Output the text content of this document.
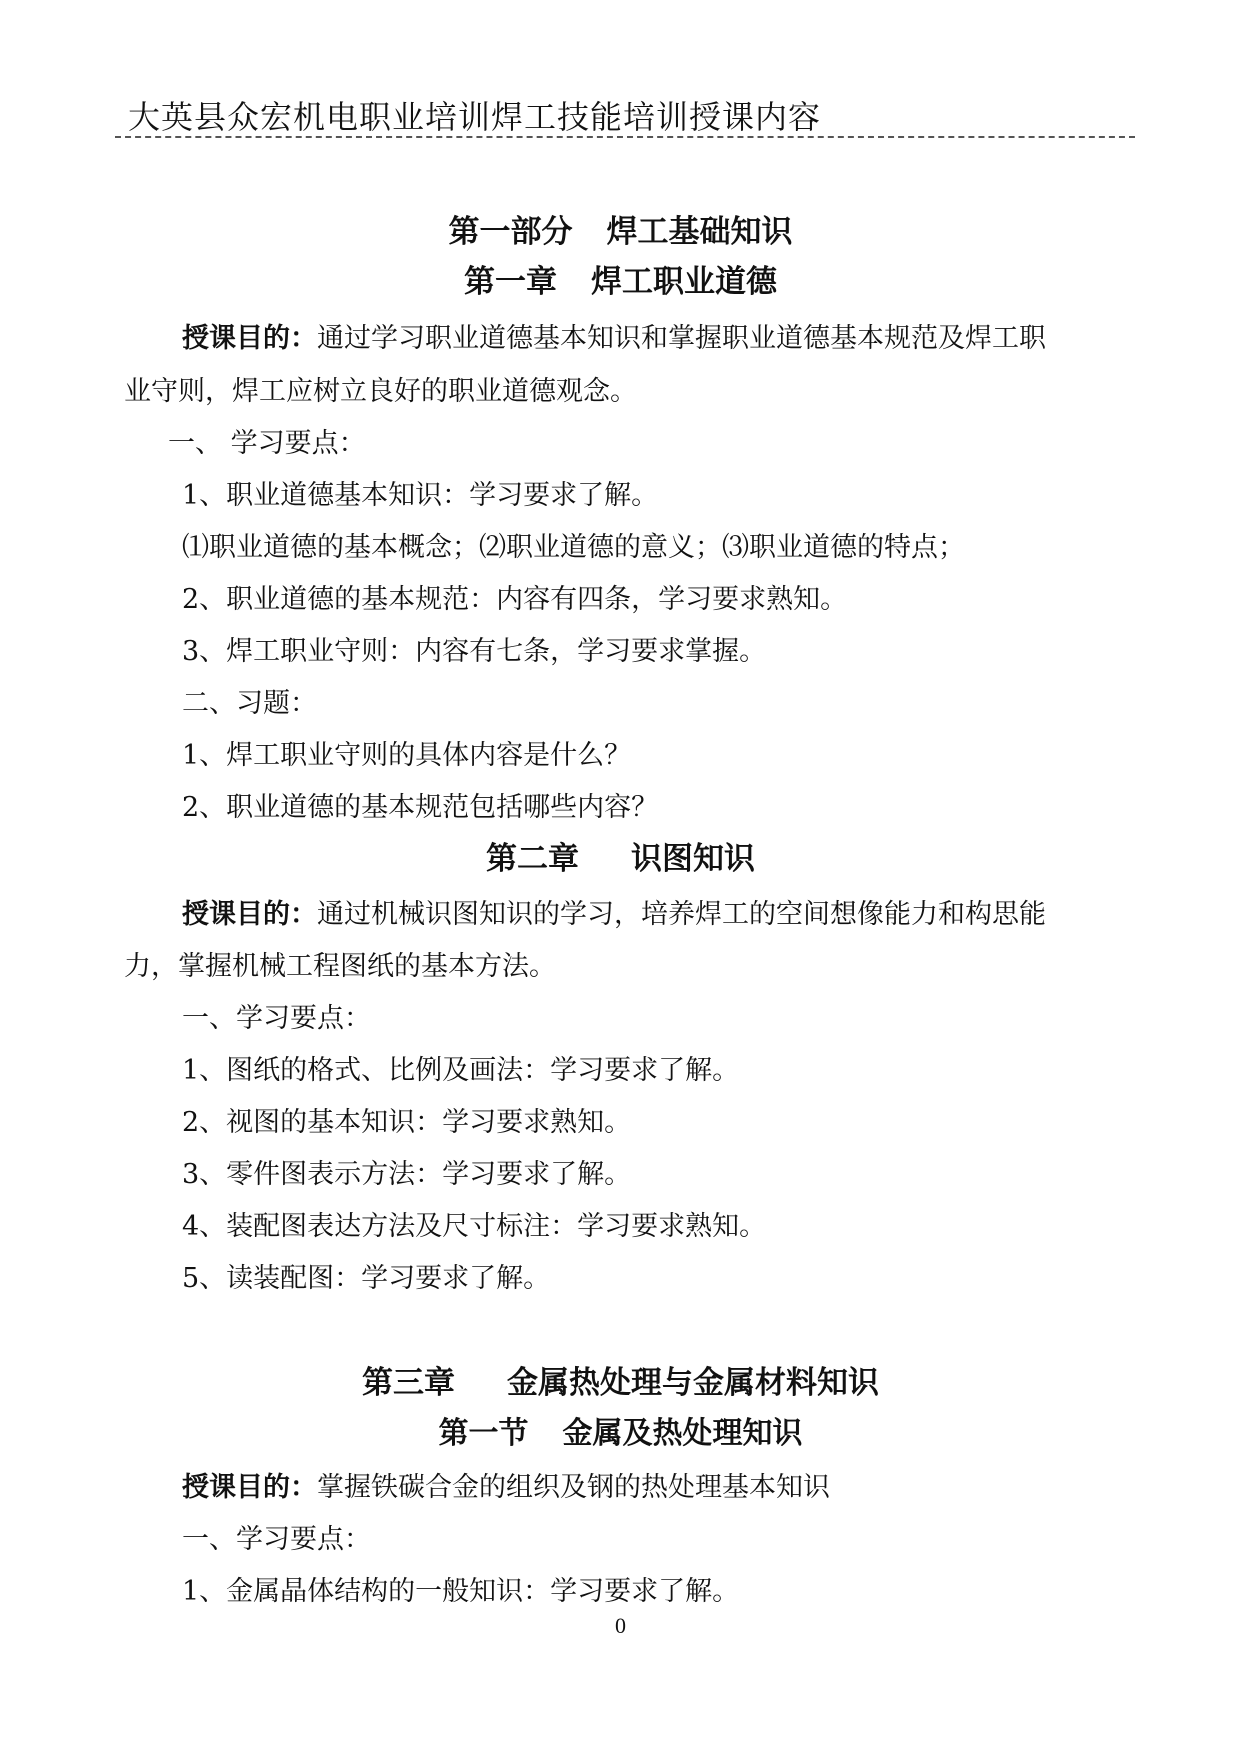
大英县众宏机电职业培训焊工技能培训授课内容
第一部分 焊工基础知识
第一章 焊工职业道德
授课目的：通过学习职业道德基本知识和掌握职业道德基本规范及焊工职
业守则，焊工应树立良好的职业道德观念。
一、 学习要点：
1、职业道德基本知识：学习要求了解。
⑴职业道德的基本概念；⑵职业道德的意义；⑶职业道德的特点；
2、职业道德的基本规范：内容有四条，学习要求熟知。
3、焊工职业守则：内容有七条，学习要求掌握。
二、习题：
1、焊工职业守则的具体内容是什么？
2、职业道德的基本规范包括哪些内容？
第二章 识图知识
授课目的：通过机械识图知识的学习，培养焊工的空间想像能力和构思能
力，掌握机械工程图纸的基本方法。
一、学习要点：
1、图纸的格式、比例及画法：学习要求了解。
2、视图的基本知识：学习要求熟知。
3、零件图表示方法：学习要求了解。
4、装配图表达方法及尺寸标注：学习要求熟知。
5、读装配图：学习要求了解。
第三章 金属热处理与金属材料知识
第一节 金属及热处理知识
授课目的：掌握铁碳合金的组织及钢的热处理基本知识
一、学习要点：
1、金属晶体结构的一般知识：学习要求了解。
0
